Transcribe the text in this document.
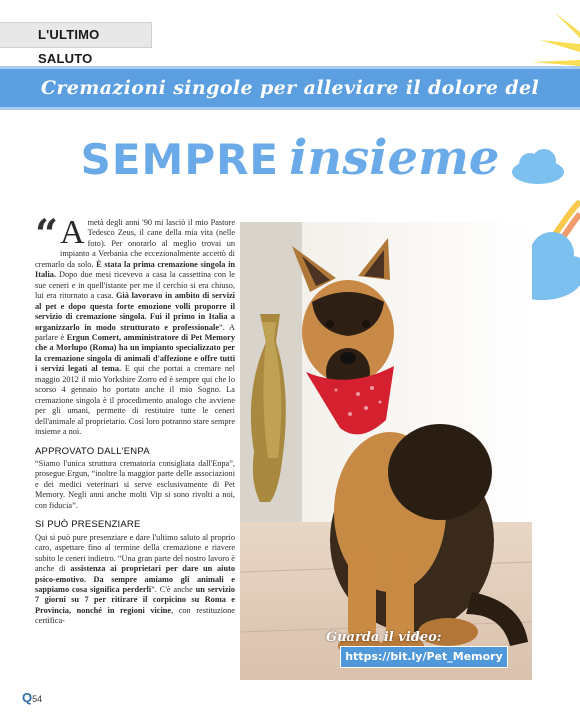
L'ULTIMO SALUTO
Cremazioni singole per alleviare il dolore del distacco
SEMPRE insieme

“ A metà degli anni '90 mi lasciò il mio Pastore Tedesco Zeus, il cane della mia vita (nelle foto). Per onorarlo al meglio trovai un impianto a Verbania che eccezionalmente accettò di cremarlo da solo. È stata la prima cremazione singola in Italia. Dopo due mesi ricevevo a casa la cassettina con le sue ceneri e in quell'istante per me il cerchio si era chiuso, lui era ritornato a casa. Già lavoravo in ambito di servizi al pet e dopo questa forte emozione volli proporre il servizio di cremazione singola. Fui il primo in Italia a organizzarlo in modo strutturato e professionale”. A parlare è Ergun Comert, amministratore di Pet Memory che a Morlupo (Roma) ha un impianto specializzato per la cremazione singola di animali d'affezione e offre tutti i servizi legati al tema. E qui che portai a cremare nel maggio 2012 il mio Yorkshire Zorro ed è sempre qui che lo scorso 4 gennaio ho portato anche il mio Sogno. La cremazione singola è il procedimento analogo che avviene per gli umani, permette di restituire tutte le ceneri dell'animale al proprietario. Così loro potranno stare sempre insieme a noi.

APPROVATO DALL'ENPA

“Siamo l'unica struttura crematoria consigliata dall'Enpa”, prosegue Ergun, “inoltre la maggior parte delle associazioni e dei medici veterinari si serve esclusivamente di Pet Memory. Negli anni anche molti Vip si sono rivolti a noi, con fiducia”.

SI PUÒ PRESENZIARE

Qui si può pure presenziare e dare l'ultimo saluto al proprio caro, aspettare fino al termine della cremazione e riavere subito le ceneri indietro. “Una gran parte del nostro lavoro è anche di assistenza ai proprietari per dare un aiuto psico-emotivo. Da sempre amiamo gli animali e sappiamo cosa significa perderli”. C'è anche un servizio 7 giorni su 7 per ritirare il corpicino su Roma e Provincia, nonché in regioni vicine, con restituzione certifica-

Guarda il video:
https://bit.ly/Pet_Memory
Q54
